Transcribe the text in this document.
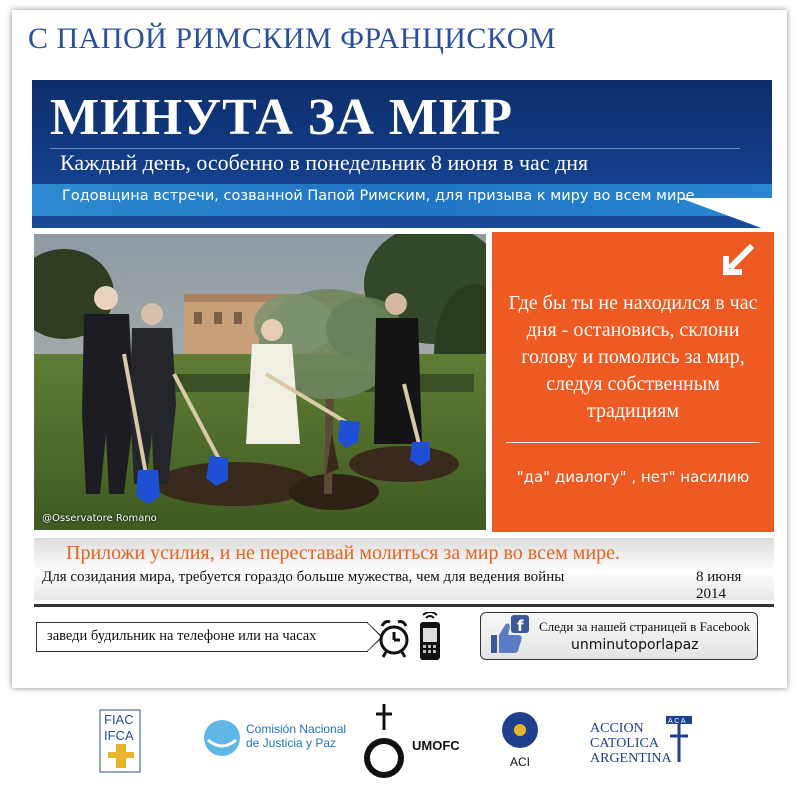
С ПАПОЙ РИМСКИМ ФРАНЦИСКОМ
МИНУТА ЗА МИР
Каждый день, особенно в понедельник 8 июня в час дня
Годовщина встречи, созванной Папой Римским, для призыва к миру во всем мире
@Osservatore Romano
Где бы ты не находился в час дня - остановись, склони голову и помолись за мир, следуя собственным традициям
"да" диалогу" , нет" насилию
Приложи усилия, и не переставай молиться за мир во всем мире.
Для созидания мира, требуется гораздо больше мужества, чем для ведения войны	8 июня 2014
заведи будильник на телефоне или на часах
f Следи за нашей страницей в Facebook
unminutoporlapaz
FIAC
IFCA	Comisión Nacional
de Justicia y Paz	UMOFC
ACI
ACCION
CATOLICA
ARGENTINA
A C A
